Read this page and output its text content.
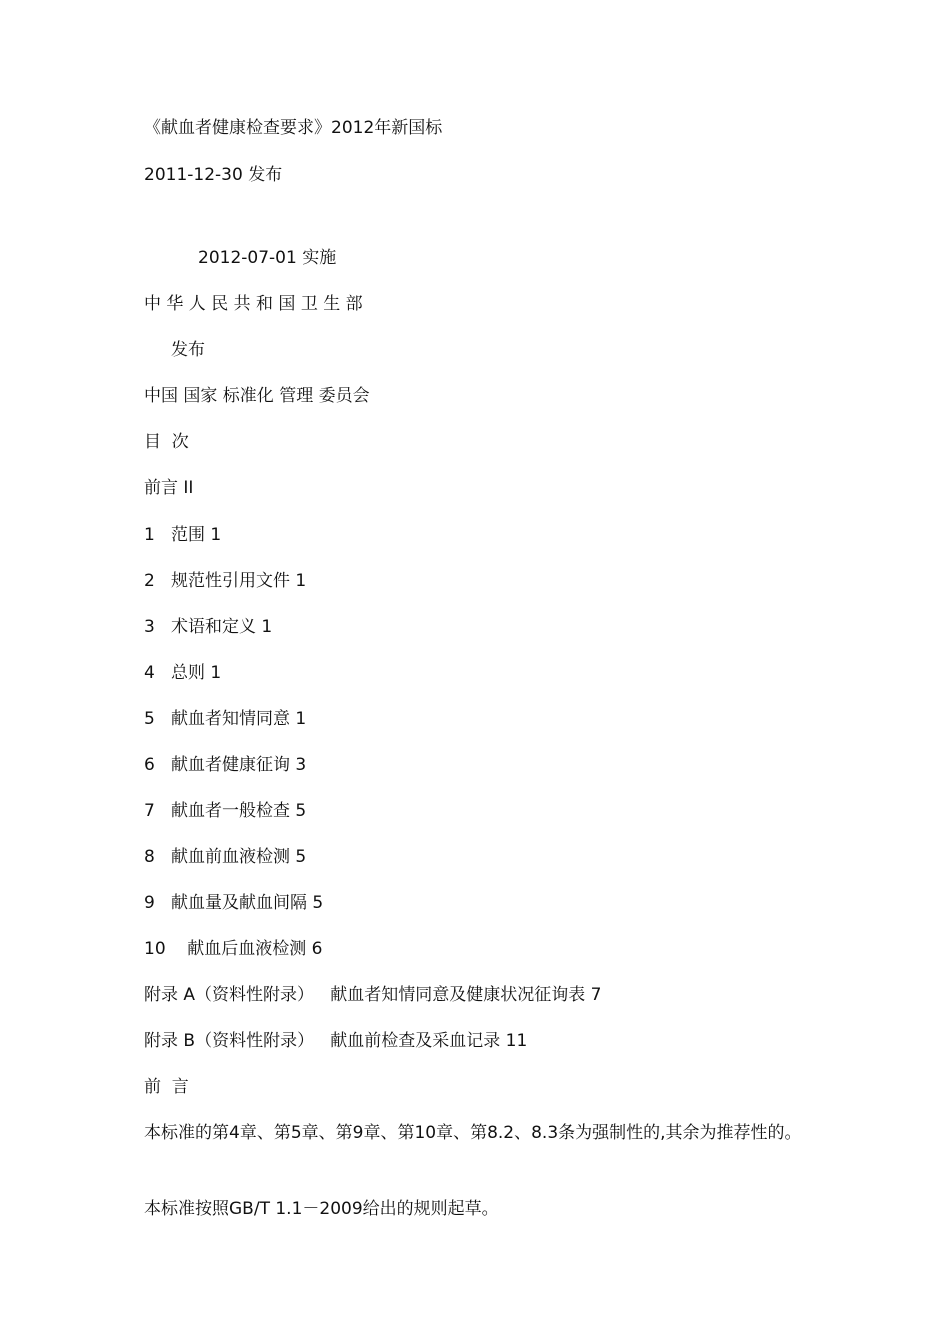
《献血者健康检查要求》2012年新国标

2011-12-30 发布

2012-07-01 实施

中 华 人 民 共 和 国 卫 生 部

发布

中国 国家 标准化 管理 委员会

目  次

前言 II

1   范围 1

2   规范性引用文件 1

3   术语和定义 1

4   总则 1

5   献血者知情同意 1

6   献血者健康征询 3

7   献血者一般检查 5

8   献血前血液检测 5

9   献血量及献血间隔 5

10    献血后血液检测 6

附录 A（资料性附录）   献血者知情同意及健康状况征询表 7

附录 B（资料性附录）   献血前检查及采血记录 11

前  言

本标准的第4章、第5章、第9章、第10章、第8.2、8.3条为强制性的,其余为推荐性的。

本标准按照GB/T 1.1－2009给出的规则起草。
